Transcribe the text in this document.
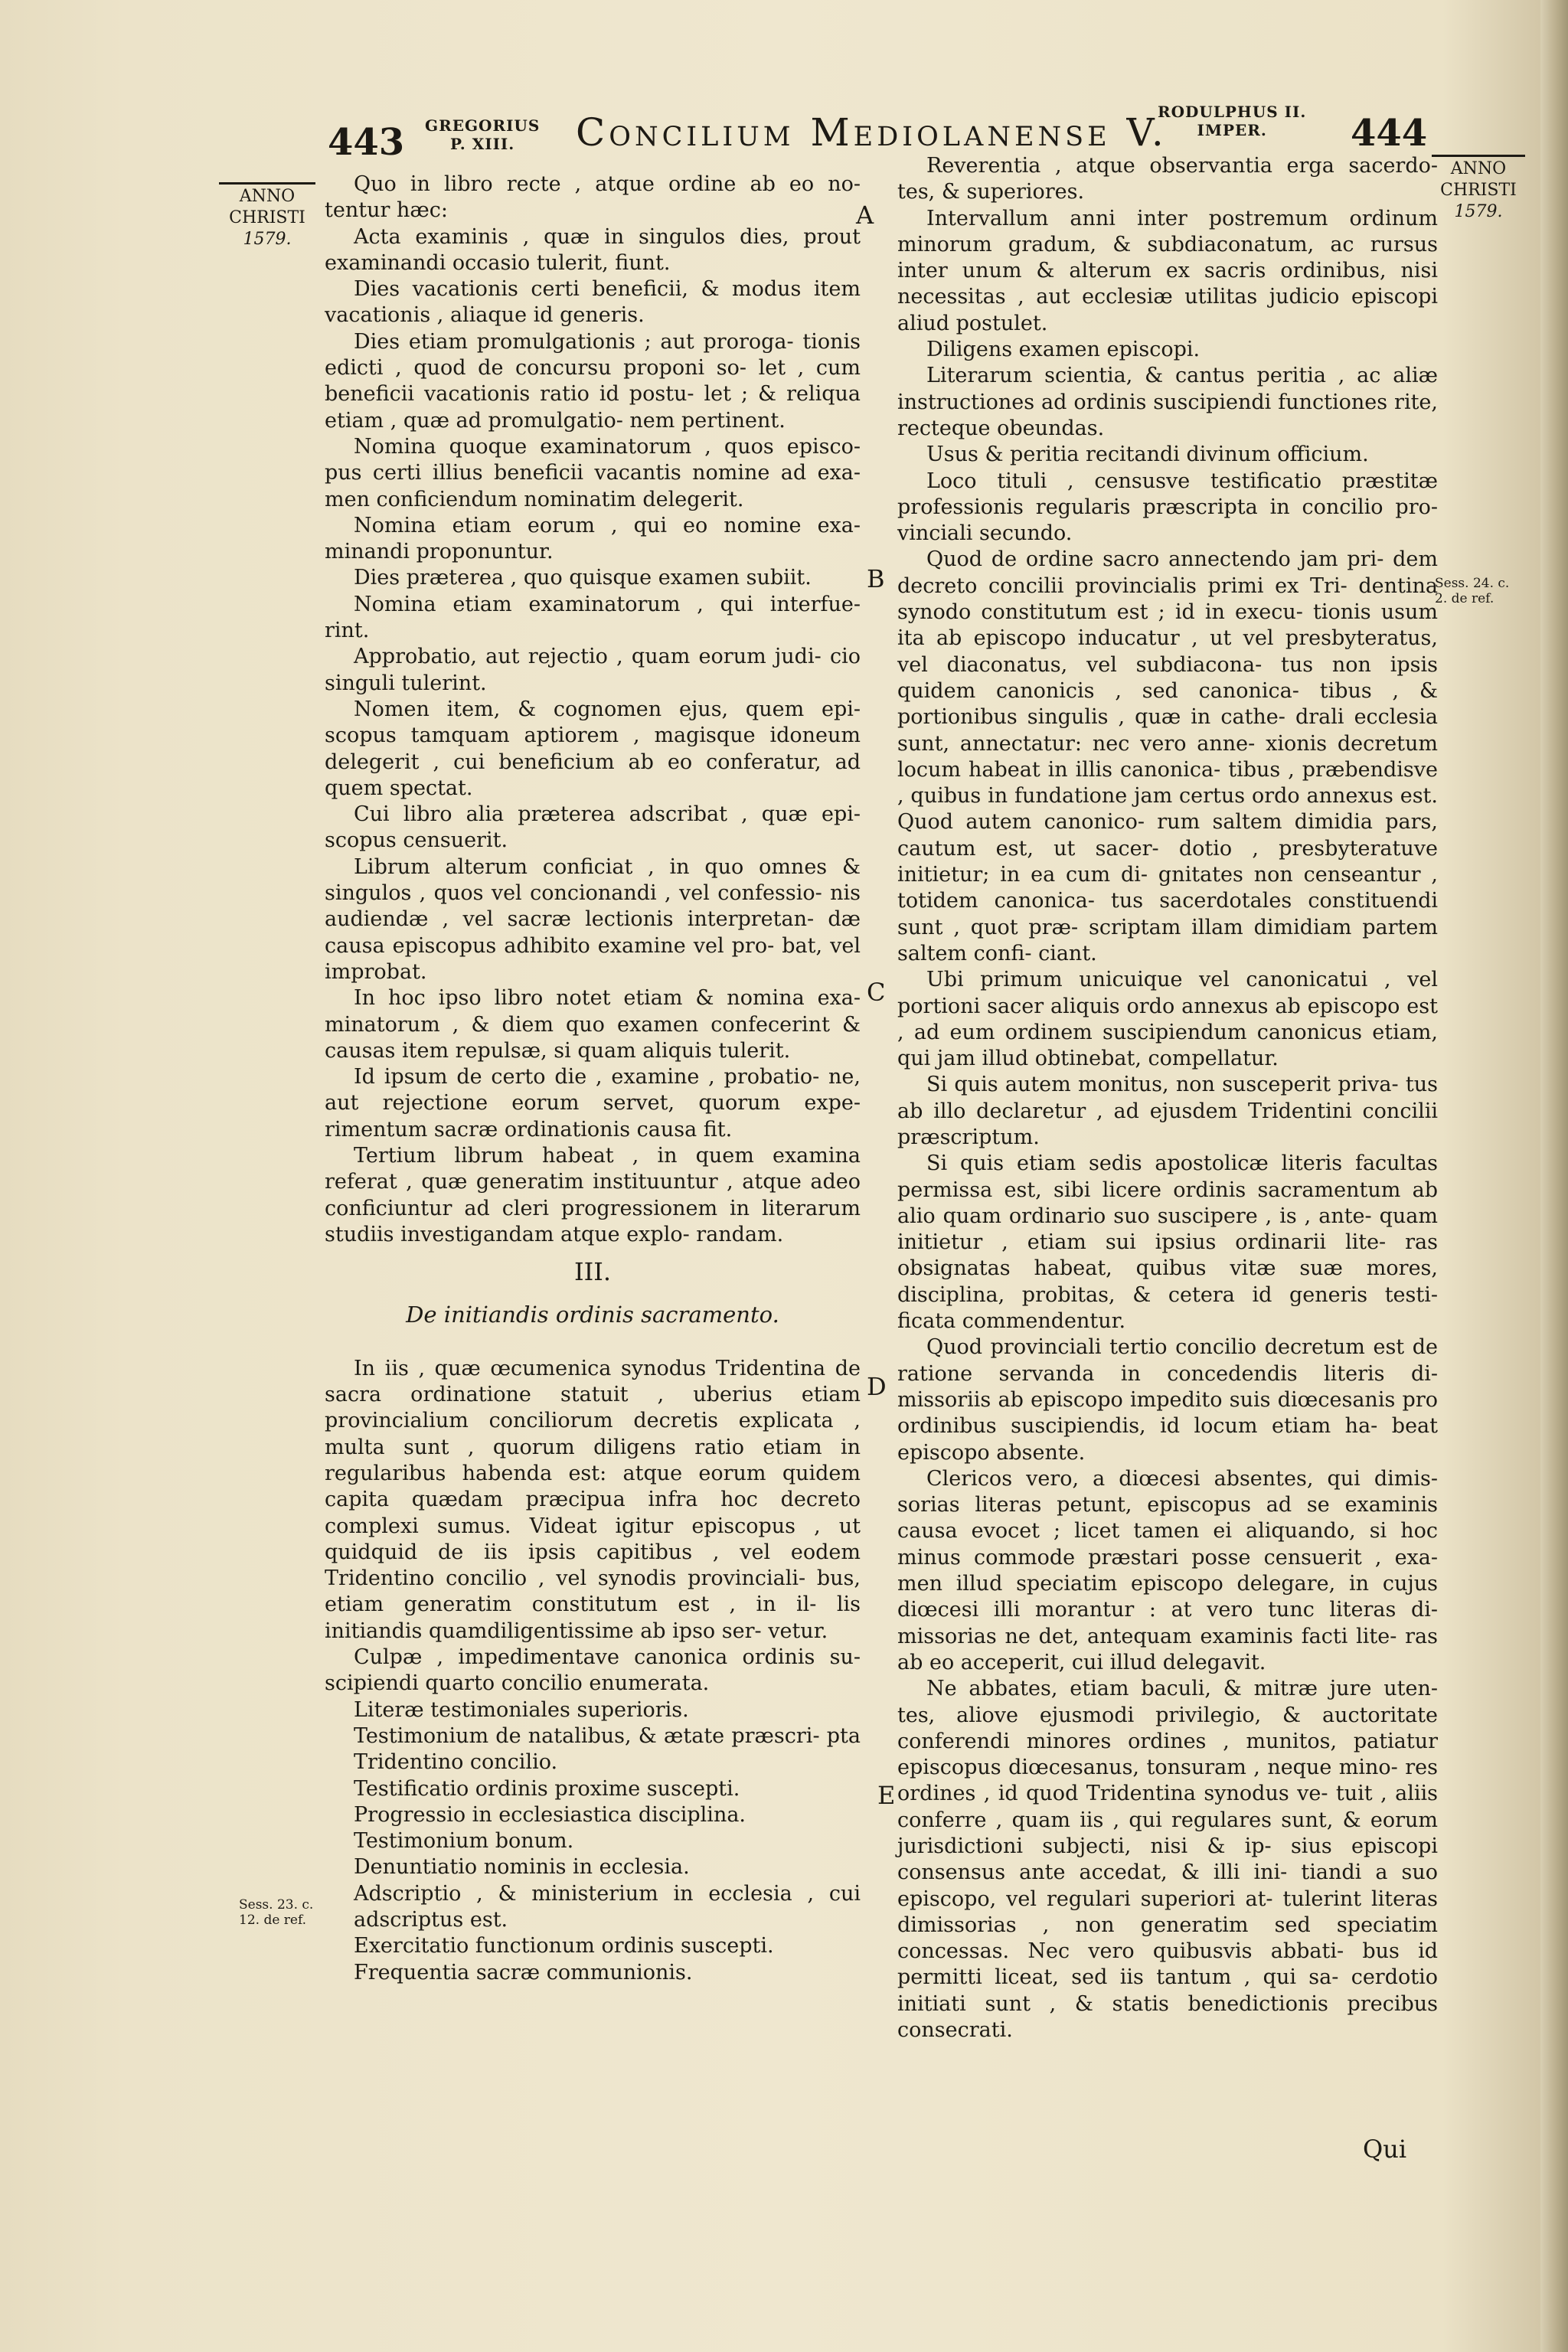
443 GREGORIUS
P. XIII.	Concilium Mediolanense V.
RODULPHUS II.
IMPER.	444
ANNO
CHRISTI
1579.
ANNO
CHRISTI
1579.
A
B
C
D
E
Sess. 23. c.
12. de ref.
Sess. 24. c.
2. de ref.

Quo in libro recte , atque ordine ab eo no- tentur hæc:

Acta examinis , quæ in singulos dies, prout examinandi occasio tulerit, fiunt.

Dies vacationis certi beneficii, & modus item vacationis , aliaque id generis.

Dies etiam promulgationis ; aut proroga- tionis edicti , quod de concursu proponi so- let , cum beneficii vacationis ratio id postu- let ; & reliqua etiam , quæ ad promulgatio- nem pertinent.

Nomina quoque examinatorum , quos episco- pus certi illius beneficii vacantis nomine ad exa- men conficiendum nominatim delegerit.

Nomina etiam eorum , qui eo nomine exa- minandi proponuntur.

Dies præterea , quo quisque examen subiit.

Nomina etiam examinatorum , qui interfue- rint.

Approbatio, aut rejectio , quam eorum judi- cio singuli tulerint.

Nomen item, & cognomen ejus, quem epi- scopus tamquam aptiorem , magisque idoneum delegerit , cui beneficium ab eo conferatur, ad quem spectat.

Cui libro alia præterea adscribat , quæ epi- scopus censuerit.

Librum alterum conficiat , in quo omnes & singulos , quos vel concionandi , vel confessio- nis audiendæ , vel sacræ lectionis interpretan- dæ causa episcopus adhibito examine vel pro- bat, vel improbat.

In hoc ipso libro notet etiam & nomina exa- minatorum , & diem quo examen confecerint & causas item repulsæ, si quam aliquis tulerit.

Id ipsum de certo die , examine , probatio- ne, aut rejectione eorum servet, quorum expe- rimentum sacræ ordinationis causa fit.

Tertium librum habeat , in quem examina referat , quæ generatim instituuntur , atque adeo conficiuntur ad cleri progressionem in literarum studiis investigandam atque explo- randam.

III.
De initiandis ordinis sacramento.

In iis , quæ œcumenica synodus Tridentina de sacra ordinatione statuit , uberius etiam provincialium conciliorum decretis explicata , multa sunt , quorum diligens ratio etiam in regularibus habenda est: atque eorum quidem capita quædam præcipua infra hoc decreto complexi sumus. Videat igitur episcopus , ut quidquid de iis ipsis capitibus , vel eodem Tridentino concilio , vel synodis provinciali- bus, etiam generatim constitutum est , in il- lis initiandis quamdiligentissime ab ipso ser- vetur.

Culpæ , impedimentave canonica ordinis su- scipiendi quarto concilio enumerata.

Literæ testimoniales superioris.

Testimonium de natalibus, & ætate præscri- pta Tridentino concilio.

Testificatio ordinis proxime suscepti.

Progressio in ecclesiastica disciplina.

Testimonium bonum.

Denuntiatio nominis in ecclesia.

Adscriptio , & ministerium in ecclesia , cui adscriptus est.

Exercitatio functionum ordinis suscepti.

Frequentia sacræ communionis.

Reverentia , atque observantia erga sacerdo- tes, & superiores.

Intervallum anni inter postremum ordinum minorum gradum, & subdiaconatum, ac rursus inter unum & alterum ex sacris ordinibus, nisi necessitas , aut ecclesiæ utilitas judicio episcopi aliud postulet.

Diligens examen episcopi.

Literarum scientia, & cantus peritia , ac aliæ instructiones ad ordinis suscipiendi functiones rite, recteque obeundas.

Usus & peritia recitandi divinum officium.

Loco tituli , censusve testificatio præstitæ professionis regularis præscripta in concilio pro- vinciali secundo.

Quod de ordine sacro annectendo jam pri- dem decreto concilii provincialis primi ex Tri- dentina synodo constitutum est ; id in execu- tionis usum ita ab episcopo inducatur , ut vel presbyteratus, vel diaconatus, vel subdiacona- tus non ipsis quidem canonicis , sed canonica- tibus , & portionibus singulis , quæ in cathe- drali ecclesia sunt, annectatur: nec vero anne- xionis decretum locum habeat in illis canonica- tibus , præbendisve , quibus in fundatione jam certus ordo annexus est. Quod autem canonico- rum saltem dimidia pars, cautum est, ut sacer- dotio , presbyteratuve initietur; in ea cum di- gnitates non censeantur , totidem canonica- tus sacerdotales constituendi sunt , quot præ- scriptam illam dimidiam partem saltem confi- ciant.

Ubi primum unicuique vel canonicatui , vel portioni sacer aliquis ordo annexus ab episcopo est , ad eum ordinem suscipiendum canonicus etiam, qui jam illud obtinebat, compellatur.

Si quis autem monitus, non susceperit priva- tus ab illo declaretur , ad ejusdem Tridentini concilii præscriptum.

Si quis etiam sedis apostolicæ literis facultas permissa est, sibi licere ordinis sacramentum ab alio quam ordinario suo suscipere , is , ante- quam initietur , etiam sui ipsius ordinarii lite- ras obsignatas habeat, quibus vitæ suæ mores, disciplina, probitas, & cetera id generis testi- ficata commendentur.

Quod provinciali tertio concilio decretum est de ratione servanda in concedendis literis di- missoriis ab episcopo impedito suis diœcesanis pro ordinibus suscipiendis, id locum etiam ha- beat episcopo absente.

Clericos vero, a diœcesi absentes, qui dimis- sorias literas petunt, episcopus ad se examinis causa evocet ; licet tamen ei aliquando, si hoc minus commode præstari posse censuerit , exa- men illud speciatim episcopo delegare, in cujus diœcesi illi morantur : at vero tunc literas di- missorias ne det, antequam examinis facti lite- ras ab eo acceperit, cui illud delegavit.

Ne abbates, etiam baculi, & mitræ jure uten- tes, aliove ejusmodi privilegio, & auctoritate conferendi minores ordines , munitos, patiatur episcopus diœcesanus, tonsuram , neque mino- res ordines , id quod Tridentina synodus ve- tuit , aliis conferre , quam iis , qui regulares sunt, & eorum jurisdictioni subjecti, nisi & ip- sius episcopi consensus ante accedat, & illi ini- tiandi a suo episcopo, vel regulari superiori at- tulerint literas dimissorias , non generatim sed speciatim concessas. Nec vero quibusvis abbati- bus id permitti liceat, sed iis tantum , qui sa- cerdotio initiati sunt , & statis benedictionis precibus consecrati.

Qui
